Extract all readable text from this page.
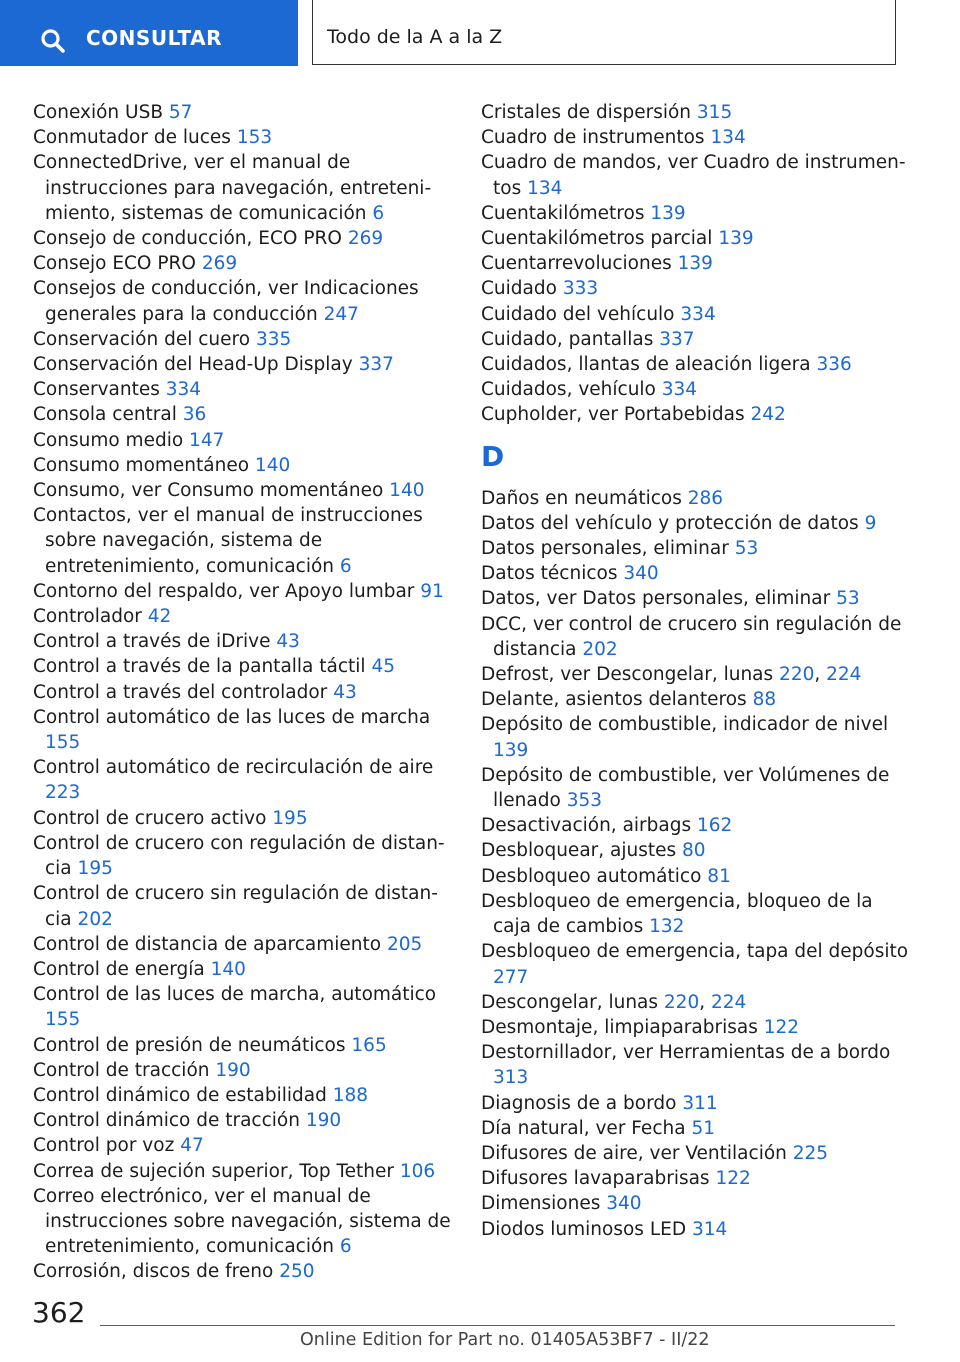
CONSULTAR	Todo de la A a la Z
Conexión USB 57
Conmutador de luces 153
ConnectedDrive, ver el manual de instrucciones para navegación, entretenimiento, sistemas de comunicación 6
Consejo de conducción, ECO PRO 269
Consejo ECO PRO 269
Consejos de conducción, ver Indicaciones generales para la conducción 247
Conservación del cuero 335
Conservación del Head-Up Display 337
Conservantes 334
Consola central 36
Consumo medio 147
Consumo momentáneo 140
Consumo, ver Consumo momentáneo 140
Contactos, ver el manual de instrucciones sobre navegación, sistema de entretenimiento, comunicación 6
Contorno del respaldo, ver Apoyo lumbar 91
Controlador 42
Control a través de iDrive 43
Control a través de la pantalla táctil 45
Control a través del controlador 43
Control automático de las luces de marcha 155
Control automático de recirculación de aire 223
Control de crucero activo 195
Control de crucero con regulación de distancia 195
Control de crucero sin regulación de distancia 202
Control de distancia de aparcamiento 205
Control de energía 140
Control de las luces de marcha, automático 155
Control de presión de neumáticos 165
Control de tracción 190
Control dinámico de estabilidad 188
Control dinámico de tracción 190
Control por voz 47
Correa de sujeción superior, Top Tether 106
Correo electrónico, ver el manual de instrucciones sobre navegación, sistema de entretenimiento, comunicación 6
Corrosión, discos de freno 250
Cristales de dispersión 315
Cuadro de instrumentos 134
Cuadro de mandos, ver Cuadro de instrumentos 134
Cuentakilómetros 139
Cuentakilómetros parcial 139
Cuentarrevoluciones 139
Cuidado 333
Cuidado del vehículo 334
Cuidado, pantallas 337
Cuidados, llantas de aleación ligera 336
Cuidados, vehículo 334
Cupholder, ver Portabebidas 242
D
Daños en neumáticos 286
Datos del vehículo y protección de datos 9
Datos personales, eliminar 53
Datos técnicos 340
Datos, ver Datos personales, eliminar 53
DCC, ver control de crucero sin regulación de distancia 202
Defrost, ver Descongelar, lunas 220, 224
Delante, asientos delanteros 88
Depósito de combustible, indicador de nivel 139
Depósito de combustible, ver Volúmenes de llenado 353
Desactivación, airbags 162
Desbloquear, ajustes 80
Desbloqueo automático 81
Desbloqueo de emergencia, bloqueo de la caja de cambios 132
Desbloqueo de emergencia, tapa del depósito 277
Descongelar, lunas 220, 224
Desmontaje, limpiaparabrisas 122
Destornillador, ver Herramientas de a bordo 313
Diagnosis de a bordo 311
Día natural, ver Fecha 51
Difusores de aire, ver Ventilación 225
Difusores lavaparabrisas 122
Dimensiones 340
Diodos luminosos LED 314
362
Online Edition for Part no. 01405A53BF7 - II/22
